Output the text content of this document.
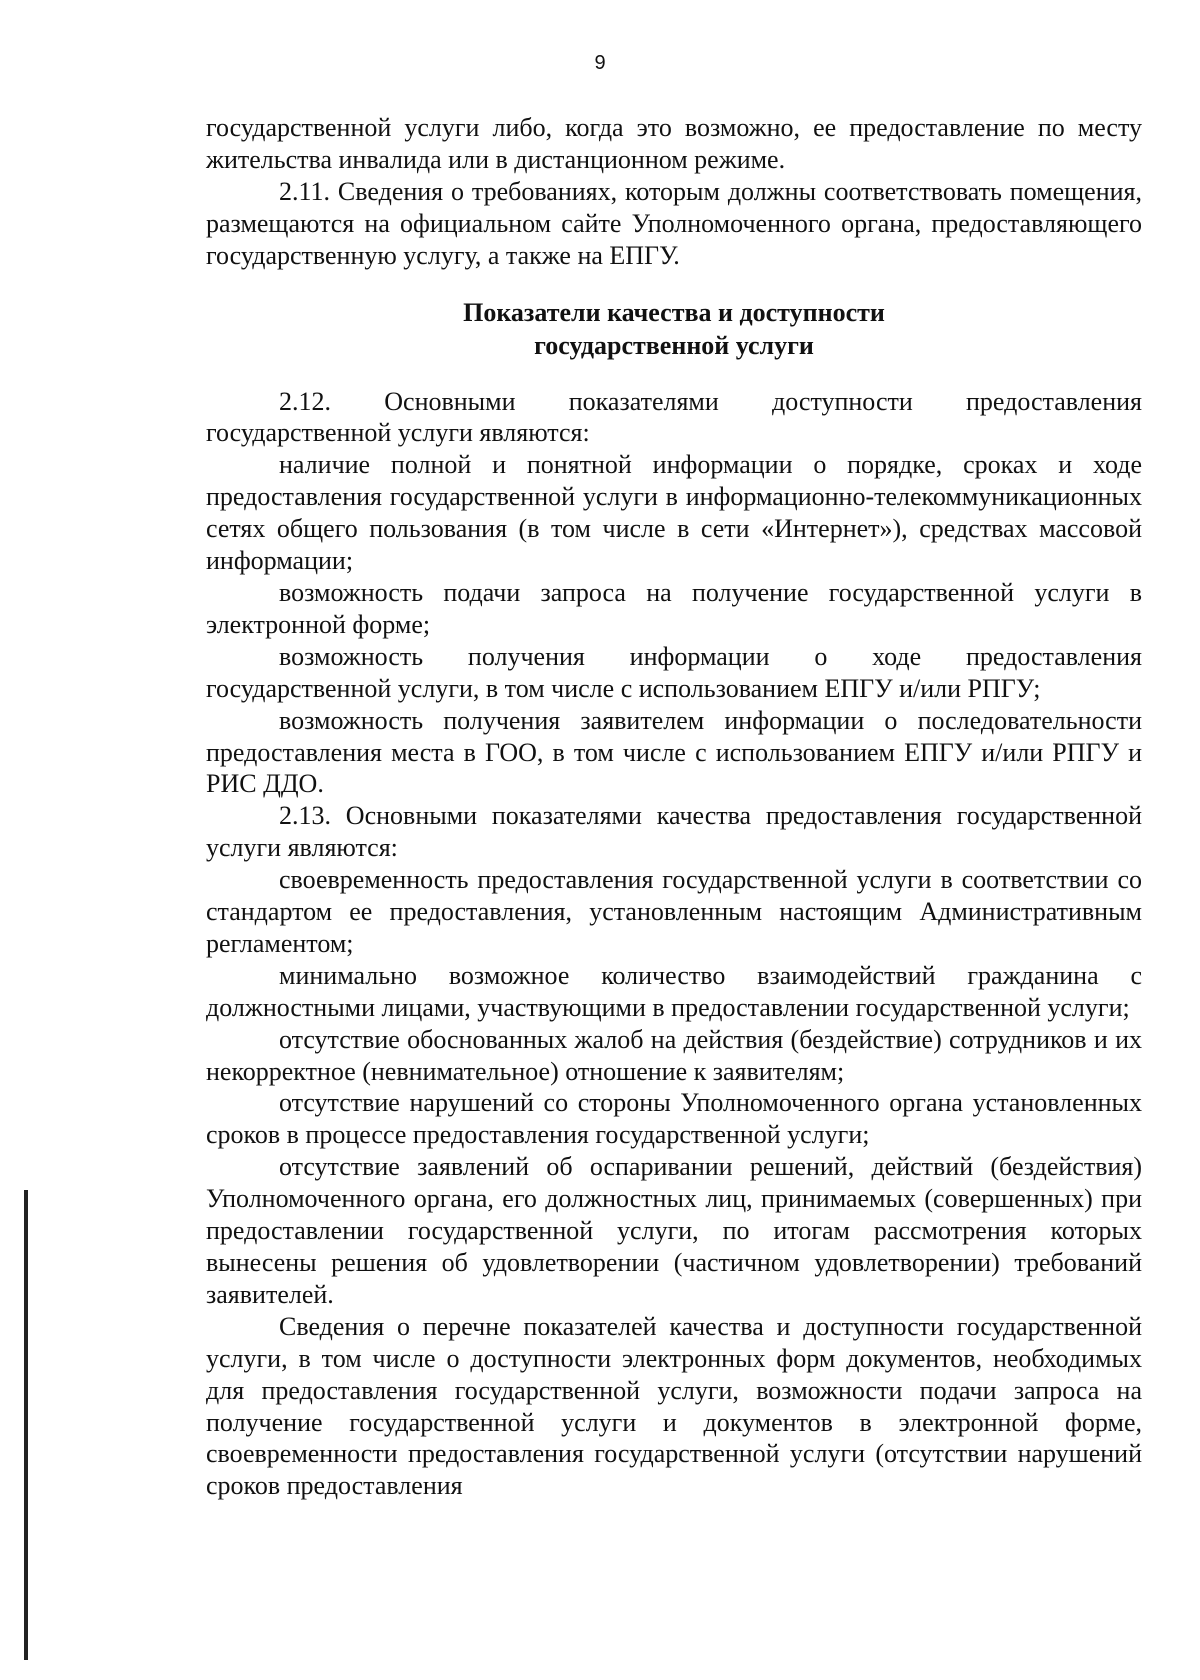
9

государственной услуги либо, когда это возможно, ее предоставление по месту жительства инвалида или в дистанционном режиме.

2.11. Сведения о требованиях, которым должны соответствовать помещения, размещаются на официальном сайте Уполномоченного органа, предоставляющего государственную услугу, а также на ЕПГУ.

Показатели качества и доступности
государственной услуги

2.12. Основными показателями доступности предоставления государственной услуги являются:

наличие полной и понятной информации о порядке, сроках и ходе предоставления государственной услуги в информационно-телекоммуникационных сетях общего пользования (в том числе в сети «Интернет»), средствах массовой информации;

возможность подачи запроса на получение государственной услуги в электронной форме;

возможность получения информации о ходе предоставления государственной услуги, в том числе с использованием ЕПГУ и/или РПГУ;

возможность получения заявителем информации о последовательности предоставления места в ГОО, в том числе с использованием ЕПГУ и/или РПГУ и РИС ДДО.

2.13. Основными показателями качества предоставления государственной услуги являются:

своевременность предоставления государственной услуги в соответствии со стандартом ее предоставления, установленным настоящим Административным регламентом;

минимально возможное количество взаимодействий гражданина с должностными лицами, участвующими в предоставлении государственной услуги;

отсутствие обоснованных жалоб на действия (бездействие) сотрудников и их некорректное (невнимательное) отношение к заявителям;

отсутствие нарушений со стороны Уполномоченного органа установленных сроков в процессе предоставления государственной услуги;

отсутствие заявлений об оспаривании решений, действий (бездействия) Уполномоченного органа, его должностных лиц, принимаемых (совершенных) при предоставлении государственной услуги, по итогам рассмотрения которых вынесены решения об удовлетворении (частичном удовлетворении) требований заявителей.

Сведения о перечне показателей качества и доступности государственной услуги, в том числе о доступности электронных форм документов, необходимых для предоставления государственной услуги, возможности подачи запроса на получение государственной услуги и документов в электронной форме, своевременности предоставления государственной услуги (отсутствии нарушений сроков предоставления
